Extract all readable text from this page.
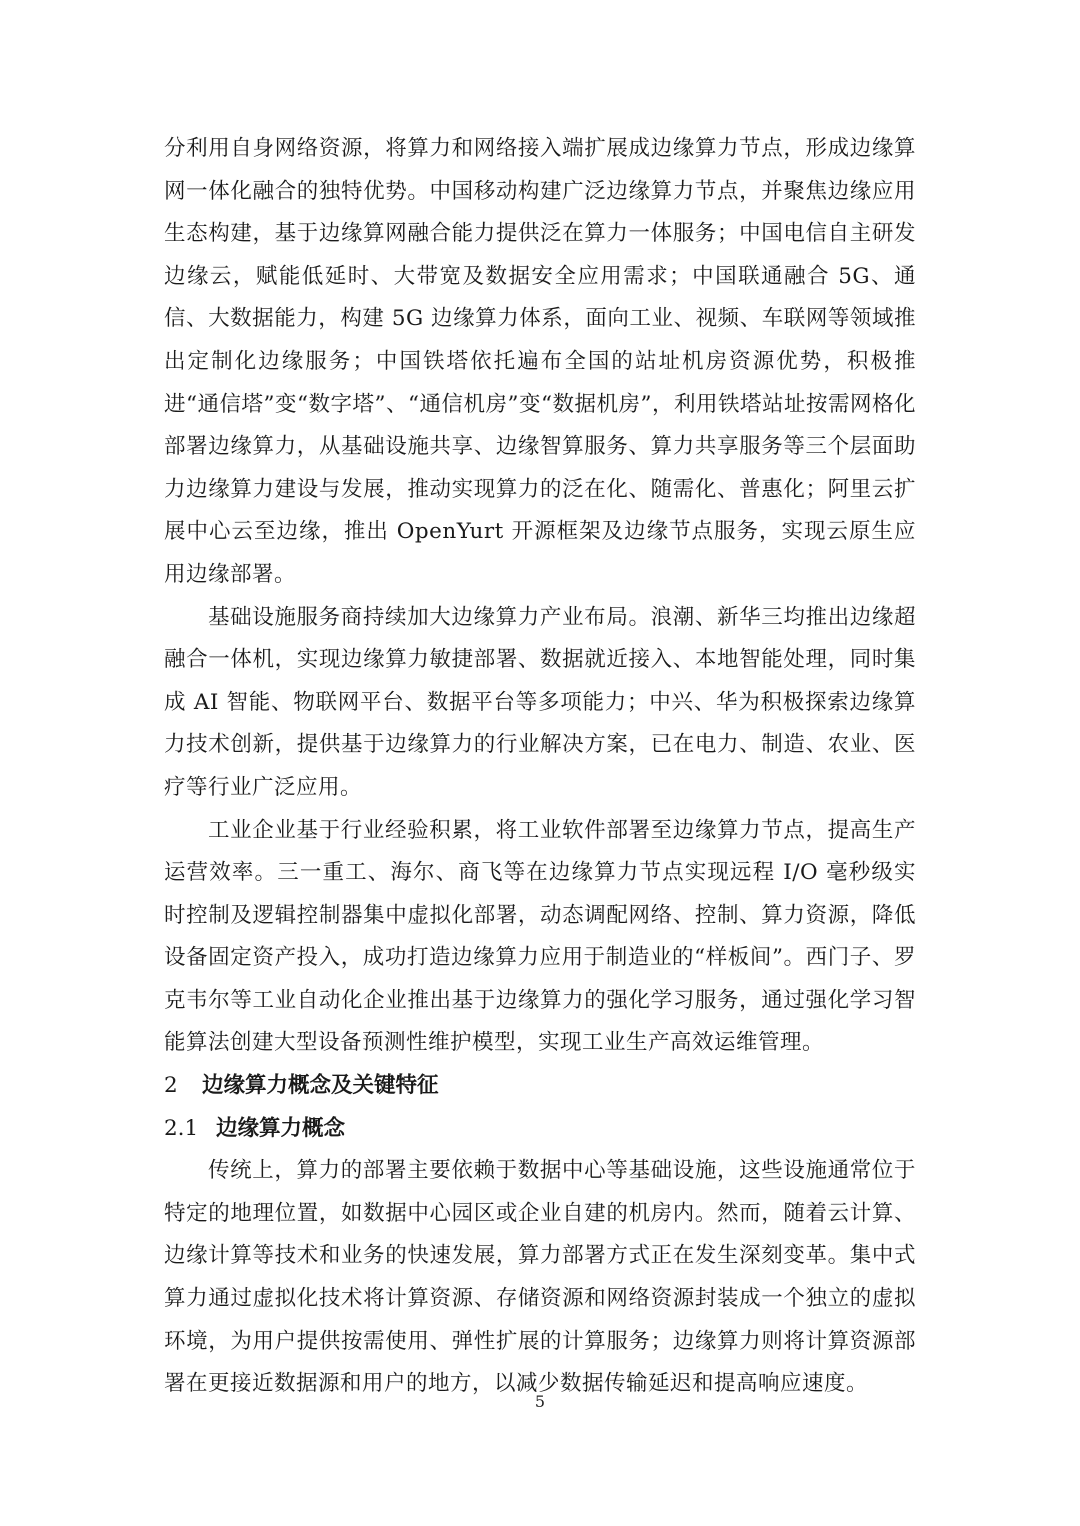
分利用自身网络资源，将算力和网络接入端扩展成边缘算力节点，形成边缘算网一体化融合的独特优势。中国移动构建广泛边缘算力节点，并聚焦边缘应用生态构建，基于边缘算网融合能力提供泛在算力一体服务；中国电信自主研发边缘云，赋能低延时、大带宽及数据安全应用需求；中国联通融合 5G、通信、大数据能力，构建 5G 边缘算力体系，面向工业、视频、车联网等领域推出定制化边缘服务；中国铁塔依托遍布全国的站址机房资源优势，积极推进“通信塔”变“数字塔”、“通信机房”变“数据机房”，利用铁塔站址按需网格化部署边缘算力，从基础设施共享、边缘智算服务、算力共享服务等三个层面助力边缘算力建设与发展，推动实现算力的泛在化、随需化、普惠化；阿里云扩展中心云至边缘，推出 OpenYurt 开源框架及边缘节点服务，实现云原生应用边缘部署。

基础设施服务商持续加大边缘算力产业布局。浪潮、新华三均推出边缘超融合一体机，实现边缘算力敏捷部署、数据就近接入、本地智能处理，同时集成 AI 智能、物联网平台、数据平台等多项能力；中兴、华为积极探索边缘算力技术创新，提供基于边缘算力的行业解决方案，已在电力、制造、农业、医疗等行业广泛应用。

工业企业基于行业经验积累，将工业软件部署至边缘算力节点，提高生产运营效率。三一重工、海尔、商飞等在边缘算力节点实现远程 I/O 毫秒级实时控制及逻辑控制器集中虚拟化部署，动态调配网络、控制、算力资源，降低设备固定资产投入，成功打造边缘算力应用于制造业的“样板间”。西门子、罗克韦尔等工业自动化企业推出基于边缘算力的强化学习服务，通过强化学习智能算法创建大型设备预测性维护模型，实现工业生产高效运维管理。

2 边缘算力概念及关键特征
2.1 边缘算力概念

传统上，算力的部署主要依赖于数据中心等基础设施，这些设施通常位于特定的地理位置，如数据中心园区或企业自建的机房内。然而，随着云计算、边缘计算等技术和业务的快速发展，算力部署方式正在发生深刻变革。集中式算力通过虚拟化技术将计算资源、存储资源和网络资源封装成一个独立的虚拟环境，为用户提供按需使用、弹性扩展的计算服务；边缘算力则将计算资源部署在更接近数据源和用户的地方，以减少数据传输延迟和提高响应速度。

5
